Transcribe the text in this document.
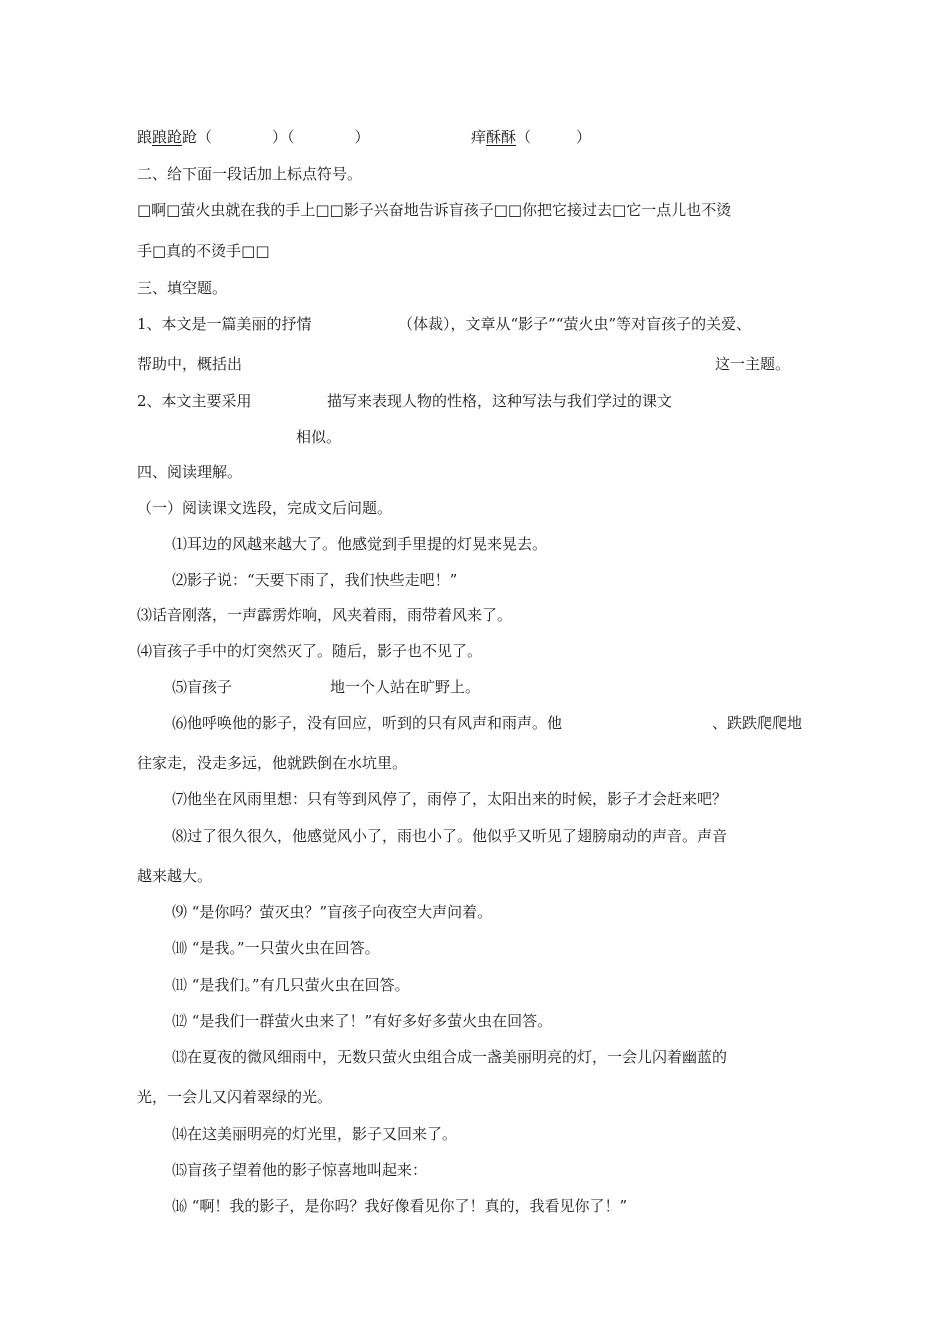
踉踉跄跄（　　　　）（　　　　）	痒酥酥（　　　）
二、给下面一段话加上标点符号。
□啊□萤火虫就在我的手上□□影子兴奋地告诉盲孩子□□你把它接过去□它一点儿也不烫
手□真的不烫手□□
三、填空题。
1、本文是一篇美丽的抒情	（体裁），文章从“影子”“萤火虫”等对盲孩子的关爱、
帮助中，概括出	这一主题。
2、本文主要采用	描写来表现人物的性格，这种写法与我们学过的课文
相似。
四、阅读理解。
（一）阅读课文选段，完成文后问题。
⑴耳边的风越来越大了。他感觉到手里提的灯晃来晃去。
⑵影子说：“天要下雨了，我们快些走吧！”
⑶话音刚落，一声霹雳炸响，风夹着雨，雨带着风来了。
⑷盲孩子手中的灯突然灭了。随后，影子也不见了。
⑸盲孩子	地一个人站在旷野上。
⑹他呼唤他的影子，没有回应，听到的只有风声和雨声。他	、跌跌爬爬地
往家走，没走多远，他就跌倒在水坑里。
⑺他坐在风雨里想：只有等到风停了，雨停了，太阳出来的时候，影子才会赶来吧？
⑻过了很久很久，他感觉风小了，雨也小了。他似乎又听见了翅膀扇动的声音。声音
越来越大。
⑼ “是你吗？萤灭虫？”盲孩子向夜空大声问着。
⑽ “是我。”一只萤火虫在回答。
⑾ “是我们。”有几只萤火虫在回答。
⑿ “是我们一群萤火虫来了！”有好多好多萤火虫在回答。
⒀在夏夜的微风细雨中，无数只萤火虫组合成一盏美丽明亮的灯，一会儿闪着幽蓝的
光，一会儿又闪着翠绿的光。
⒁在这美丽明亮的灯光里，影子又回来了。
⒂盲孩子望着他的影子惊喜地叫起来：
⒃ “啊！我的影子，是你吗？我好像看见你了！真的，我看见你了！”
